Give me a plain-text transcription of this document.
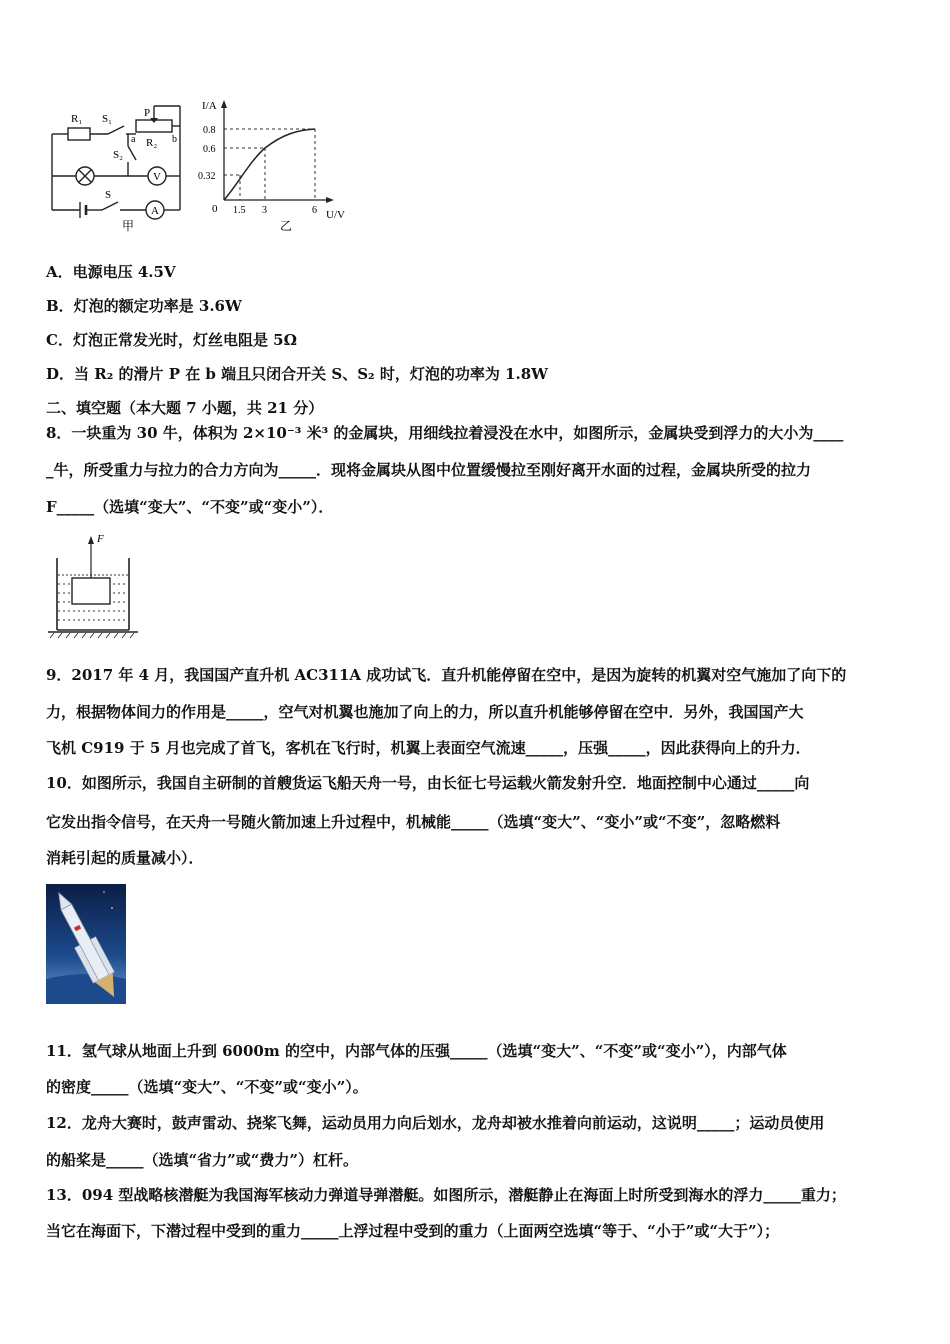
R₁ S₁	P
a	b
R₂
S₂
S
V
A
甲
I/A
U/V
0
0.8
0.6
0.32
1.5 3	6
乙
A．电源电压 4.5V
B．灯泡的额定功率是 3.6W
C．灯泡正常发光时，灯丝电阻是 5Ω
D．当 R₂ 的滑片 P 在 b 端且只闭合开关 S、S₂ 时，灯泡的功率为 1.8W
二、填空题（本大题 7 小题，共 21 分）
8．一块重为 30 牛，体积为 2×10⁻³ 米³ 的金属块，用细线拉着浸没在水中，如图所示，金属块受到浮力的大小为____
_牛，所受重力与拉力的合力方向为_____．现将金属块从图中位置缓慢拉至刚好离开水面的过程，金属块所受的拉力
F_____（选填“变大”、“不变”或“变小”）．
F
9．2017 年 4 月，我国国产直升机 AC311A 成功试飞．直升机能停留在空中，是因为旋转的机翼对空气施加了向下的
力，根据物体间力的作用是_____，空气对机翼也施加了向上的力，所以直升机能够停留在空中．另外，我国国产大
飞机 C919 于 5 月也完成了首飞，客机在飞行时，机翼上表面空气流速_____，压强_____，因此获得向上的升力．
10．如图所示，我国自主研制的首艘货运飞船天舟一号，由长征七号运载火箭发射升空．地面控制中心通过_____向
它发出指令信号，在天舟一号随火箭加速上升过程中，机械能_____（选填“变大”、“变小”或“不变”，忽略燃料
消耗引起的质量减小）．
11．氢气球从地面上升到 6000m 的空中，内部气体的压强_____（选填“变大”、“不变”或“变小”），内部气体
的密度_____（选填“变大”、“不变”或“变小”）。
12．龙舟大赛时，鼓声雷动、挠桨飞舞，运动员用力向后划水，龙舟却被水推着向前运动，这说明_____；运动员使用
的船桨是_____（选填“省力”或“费力”）杠杆。
13．094 型战略核潜艇为我国海军核动力弹道导弹潜艇。如图所示，潜艇静止在海面上时所受到海水的浮力_____重力；
当它在海面下，下潜过程中受到的重力_____上浮过程中受到的重力（上面两空选填“等于、“小于”或“大于”）；
